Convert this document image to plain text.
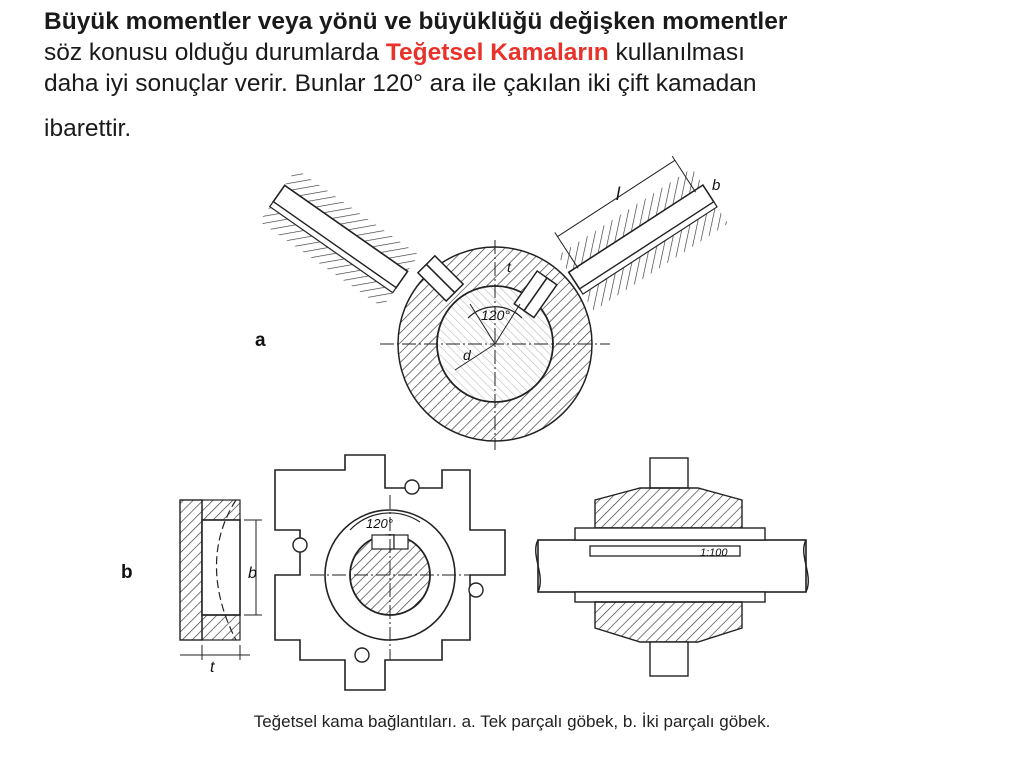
Büyük momentler veya yönü ve büyüklüğü değişken momentler
söz konusu olduğu durumlarda Teğetsel Kamaların kullanılması
daha iyi sonuçlar verir. Bunlar 120° ara ile çakılan iki çift kamadan
ibarettir.
a
b
l	b
t
120°
d
b
t
120°
1:100
Teğetsel kama bağlantıları. a. Tek parçalı göbek, b. İki parçalı göbek.
